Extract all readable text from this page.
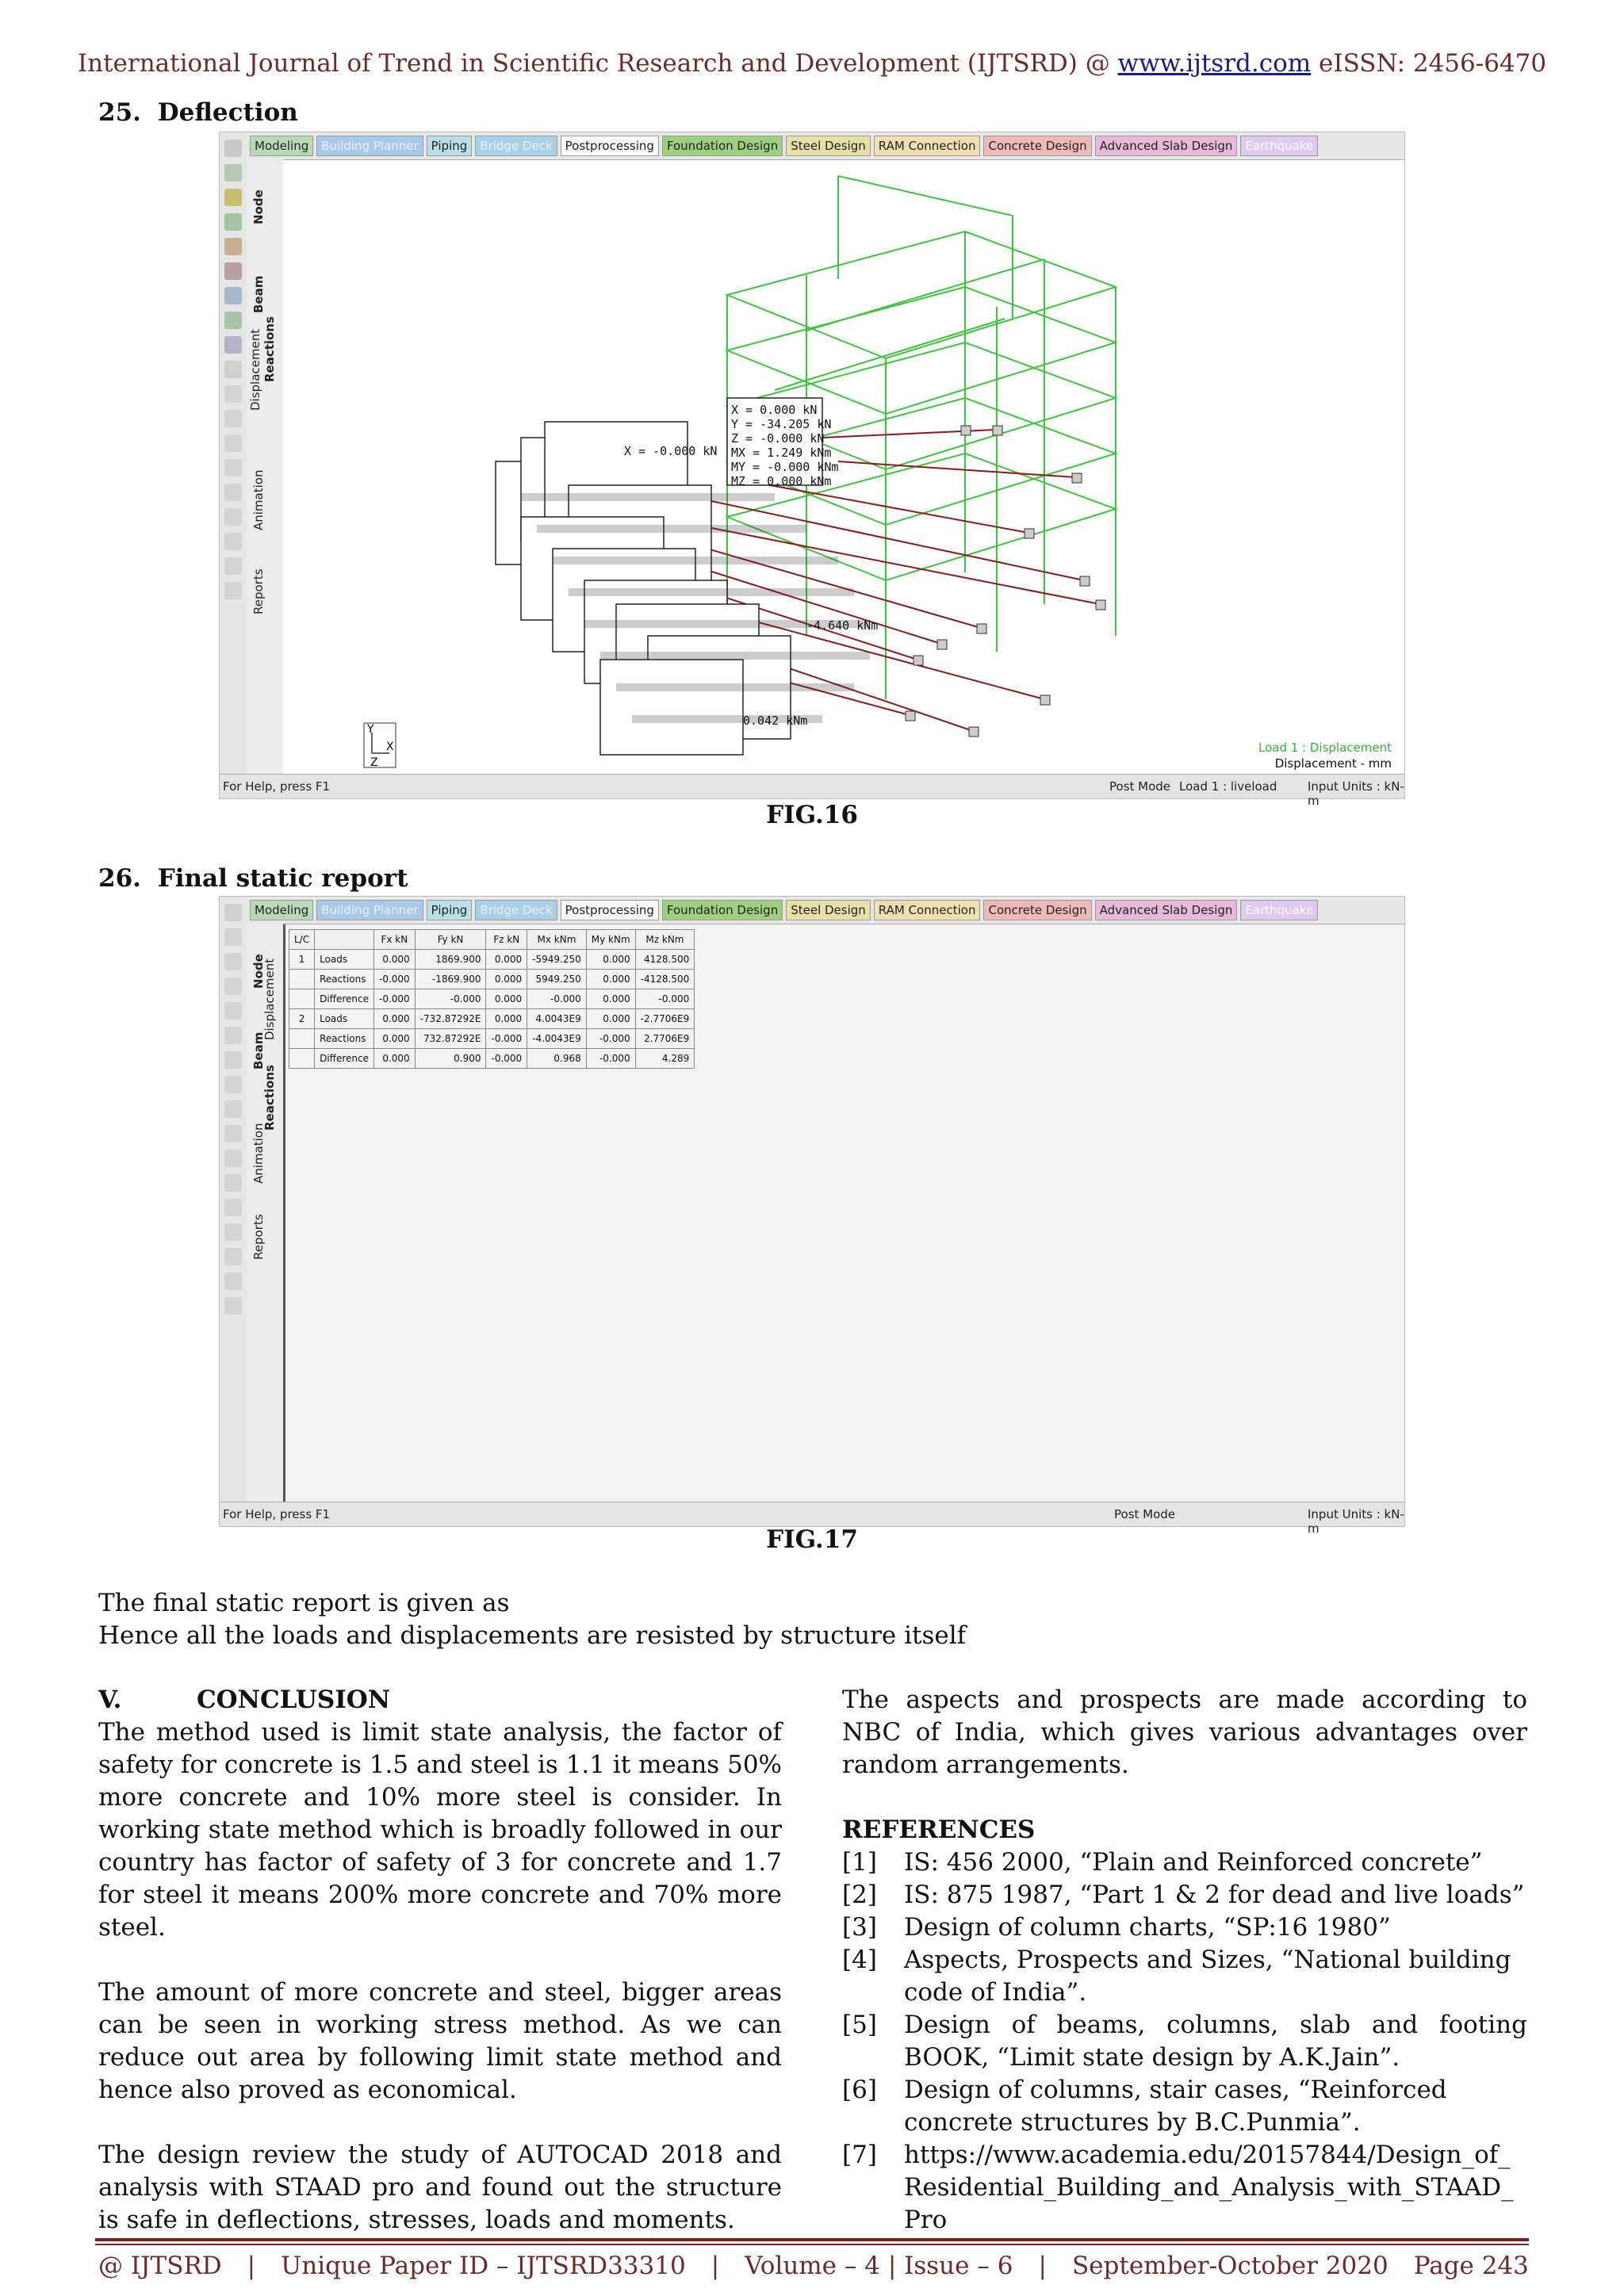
International Journal of Trend in Scientific Research and Development (IJTSRD) @ www.ijtsrd.com eISSN: 2456-6470
25. Deflection
Modeling	Building Planner	Piping	Bridge Deck	Postprocessing	Foundation Design	Steel Design	RAM Connection	Concrete Design	Advanced Slab Design	Earthquake
Node
Beam
Displacement Reactions
Animation
Reports
X = 0.000 kN
Y = -34.205 kN
Z = -0.000 kN
MX = 1.249 kNm
MY = -0.000 kNm
MZ = 0.000 kNm
X = -0.000 kN
-4.640 kNm
0.042 kNm
Y
X
Z
Load 1 : Displacement
Displacement - mm
For Help, press F1	Post Mode Load 1 : liveload	Input Units : kN-m
FIG.16
26. Final static report
Modeling	Building Planner	Piping	Bridge Deck	Postprocessing	Foundation Design	Steel Design	RAM Connection	Concrete Design	Advanced Slab Design	Earthquake
Node
Beam
Displacement
Reactions
Animation
Reports
L/C		Fx kN	Fy kN	Fz kN	Mx kNm	My kNm	Mz kNm
1	Loads	0.000	1869.900	0.000	-5949.250	0.000	4128.500
	Reactions	-0.000	-1869.900	0.000	5949.250	0.000	-4128.500
	Difference	-0.000	-0.000	0.000	-0.000	0.000	-0.000
2	Loads	0.000	-732.87292E	0.000	4.0043E9	0.000	-2.7706E9
	Reactions	0.000	732.87292E	-0.000	-4.0043E9	-0.000	2.7706E9
	Difference	0.000	0.900	-0.000	0.968	-0.000	4.289
For Help, press F1	Post Mode	Input Units : kN-m
FIG.17
The final static report is given as
Hence all the loads and displacements are resisted by structure itself
V.	CONCLUSION

The method used is limit state analysis, the factor of safety for concrete is 1.5 and steel is 1.1 it means 50% more concrete and 10% more steel is consider. In working state method which is broadly followed in our country has factor of safety of 3 for concrete and 1.7 for steel it means 200% more concrete and 70% more steel.

The amount of more concrete and steel, bigger areas can be seen in working stress method. As we can reduce out area by following limit state method and hence also proved as economical.

The design review the study of AUTOCAD 2018 and analysis with STAAD pro and found out the structure is safe in deflections, stresses, loads and moments.

The aspects and prospects are made according to NBC of India, which gives various advantages over random arrangements.

REFERENCES
[1]	IS: 456 2000, “Plain and Reinforced concrete”
[2]	IS: 875 1987, “Part 1 & 2 for dead and live loads”
[3]	Design of column charts, “SP:16 1980”
[4]	Aspects, Prospects and Sizes, “National building code of India”.
[5]	Design of beams, columns, slab and footing BOOK, “Limit state design by A.K.Jain”.
[6]	Design of columns, stair cases, “Reinforced concrete structures by B.C.Punmia”.
[7]	https://www.academia.edu/20157844/Design_of_Residential_Building_and_Analysis_with_STAAD_Pro
@ IJTSRD | Unique Paper ID – IJTSRD33310 | Volume – 4 | Issue – 6 | September-October 2020 Page 243
